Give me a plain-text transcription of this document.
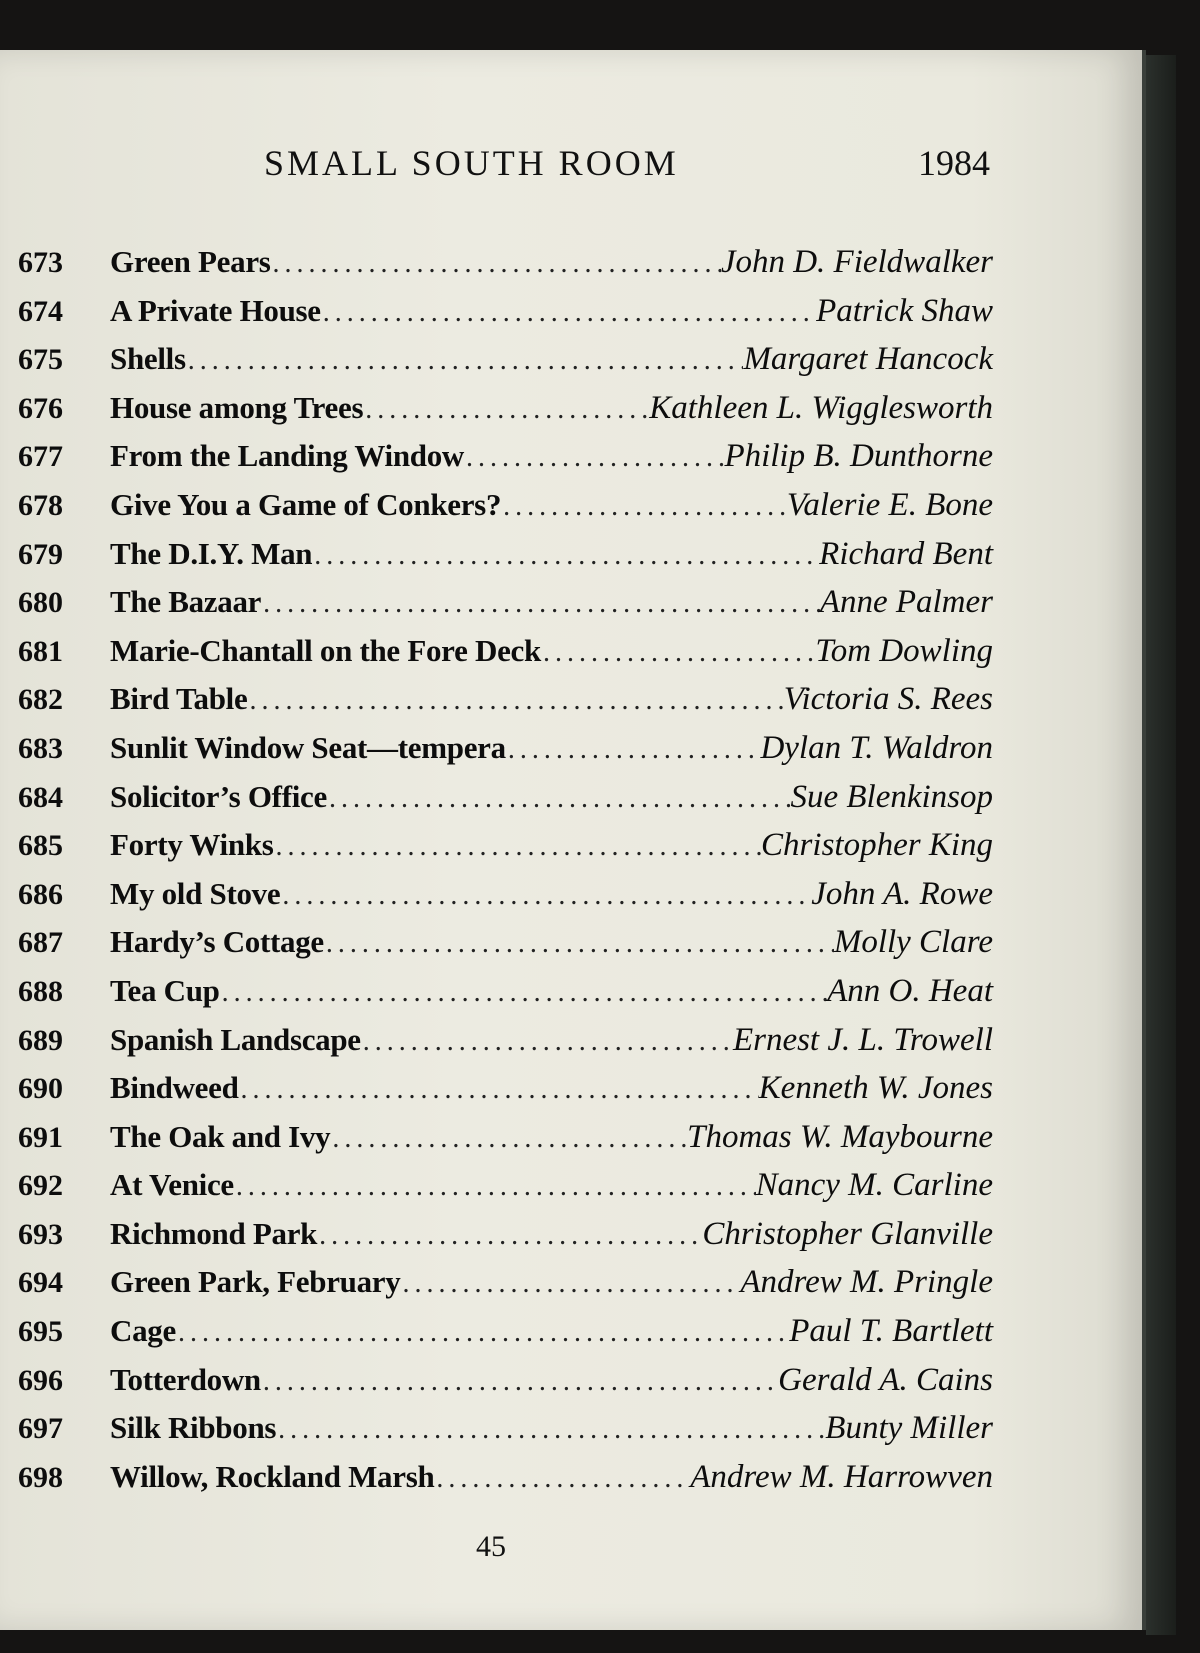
SMALL SOUTH ROOM	1984
673	Green Pears . . .	John D. Fieldwalker
674	A Private House . . .	Patrick Shaw
675	Shells . . .	Margaret Hancock
676	House among Trees . . .	Kathleen L. Wigglesworth
677	From the Landing Window . . .	Philip B. Dunthorne
678	Give You a Game of Conkers? . . .	Valerie E. Bone
679	The D.I.Y. Man . . .	Richard Bent
680	The Bazaar . . .	Anne Palmer
681	Marie-Chantall on the Fore Deck . . .	Tom Dowling
682	Bird Table . . .	Victoria S. Rees
683	Sunlit Window Seat—tempera . . .	Dylan T. Waldron
684	Solicitor’s Office . . .	Sue Blenkinsop
685	Forty Winks . . .	Christopher King
686	My old Stove . . .	John A. Rowe
687	Hardy’s Cottage . . .	Molly Clare
688	Tea Cup . . .	Ann O. Heat
689	Spanish Landscape . . .	Ernest J. L. Trowell
690	Bindweed . . .	Kenneth W. Jones
691	The Oak and Ivy . . .	Thomas W. Maybourne
692	At Venice . . .	Nancy M. Carline
693	Richmond Park . . .	Christopher Glanville
694	Green Park, February . . .	Andrew M. Pringle
695	Cage . . .	Paul T. Bartlett
696	Totterdown . . .	Gerald A. Cains
697	Silk Ribbons . . .	Bunty Miller
698	Willow, Rockland Marsh . . .	Andrew M. Harrowven
45
